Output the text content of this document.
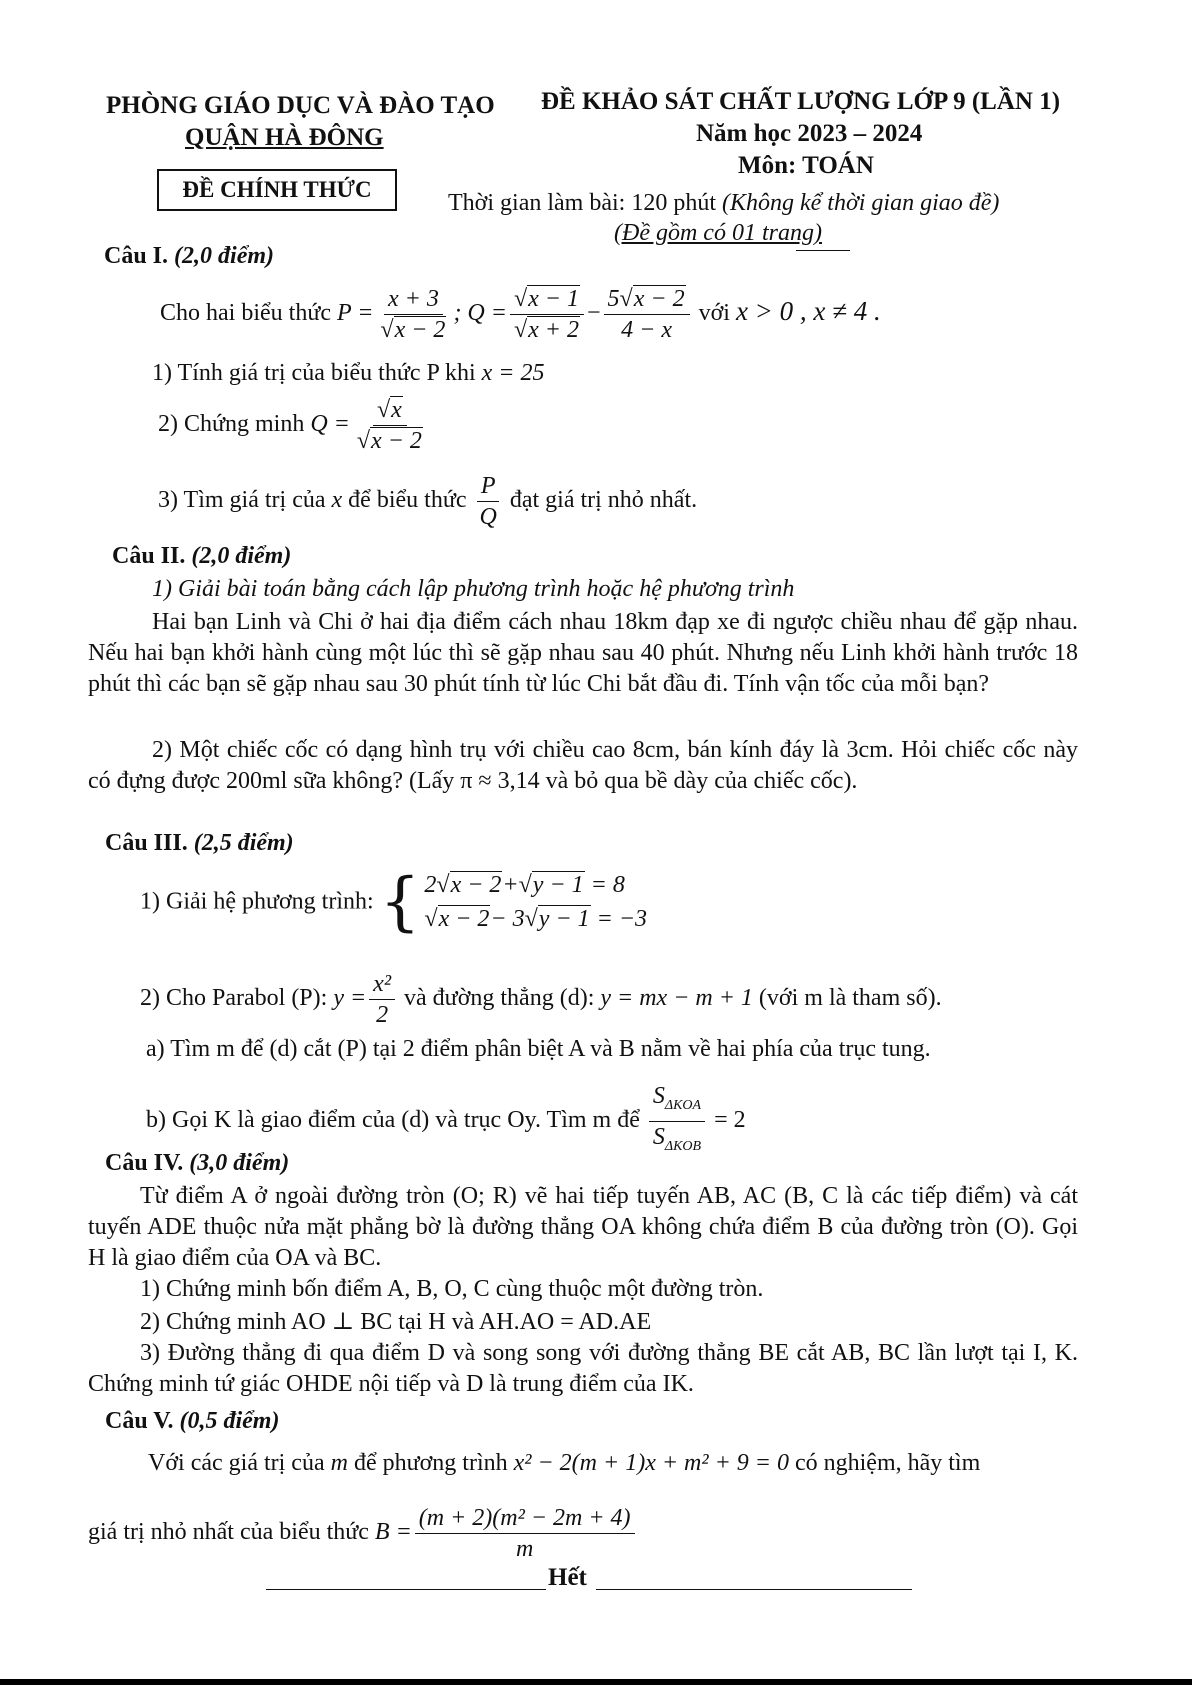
PHÒNG GIÁO DỤC VÀ ĐÀO TẠO
QUẬN HÀ ĐÔNG
ĐỀ CHÍNH THỨC
ĐỀ KHẢO SÁT CHẤT LƯỢNG LỚP 9 (LẦN 1)
Năm học 2023 – 2024
Môn: TOÁN
Thời gian làm bài: 120 phút (Không kể thời gian giao đề)
(Đề gồm có 01 trang)
Câu I. (2,0 điểm)
Cho hai biểu thức $P = \frac{x + 3}{√x - 2}$ ; $Q = \frac{√x - 1}{√x + 2} - \frac{5√x - 2}{4 - x}$ với x > 0 , x ≠ 4 .
1) Tính giá trị của biểu thức P khi x = 25
2) Chứng minh $Q = \frac{√x}{√x - 2}$
3) Tìm giá trị của x để biểu thức $\frac{P}{Q}$ đạt giá trị nhỏ nhất.
Câu II. (2,0 điểm)
1) Giải bài toán bằng cách lập phương trình hoặc hệ phương trình
Hai bạn Linh và Chi ở hai địa điểm cách nhau 18km đạp xe đi ngược chiều nhau để gặp nhau. Nếu hai bạn khởi hành cùng một lúc thì sẽ gặp nhau sau 40 phút. Nhưng nếu Linh khởi hành trước 18 phút thì các bạn sẽ gặp nhau sau 30 phút tính từ lúc Chi bắt đầu đi. Tính vận tốc của mỗi bạn?
2) Một chiếc cốc có dạng hình trụ với chiều cao 8cm, bán kính đáy là 3cm. Hỏi chiếc cốc này có đựng được 200ml sữa không? (Lấy π ≈ 3,14 và bỏ qua bề dày của chiếc cốc).
Câu III. (2,5 điểm)
1) Giải hệ phương trình: { 2√x − 2+√y − 1 = 8
√x − 2− 3√y − 1 = −3
2) Cho Parabol (P): $y = \frac{\text{x²}}{2}$ và đường thẳng (d): y = mx − m + 1 (với m là tham số).
a) Tìm m để (d) cắt (P) tại 2 điểm phân biệt A và B nằm về hai phía của trục tung.
b) Gọi K là giao điểm của (d) và trục Oy. Tìm m để $\frac{S_{\Delta KOA}}{S_{\Delta KOB}} = 2$
Câu IV. (3,0 điểm)
Từ điểm A ở ngoài đường tròn (O; R) vẽ hai tiếp tuyến AB, AC (B, C là các tiếp điểm) và cát tuyến ADE thuộc nửa mặt phẳng bờ là đường thẳng OA không chứa điểm B của đường tròn (O). Gọi H là giao điểm của OA và BC.
1) Chứng minh bốn điểm A, B, O, C cùng thuộc một đường tròn.
2) Chứng minh AO ⊥ BC tại H và AH.AO = AD.AE
3) Đường thẳng đi qua điểm D và song song với đường thẳng BE cắt AB, BC lần lượt tại I, K. Chứng minh tứ giác OHDE nội tiếp và D là trung điểm của IK.
Câu V. (0,5 điểm)
Với các giá trị của m để phương trình x² − 2(m + 1)x + m² + 9 = 0 có nghiệm, hãy tìm
giá trị nhỏ nhất của biểu thức $B = \frac{\text{(m + 2)(m² − 2m + 4)}}{m}$
Hết
